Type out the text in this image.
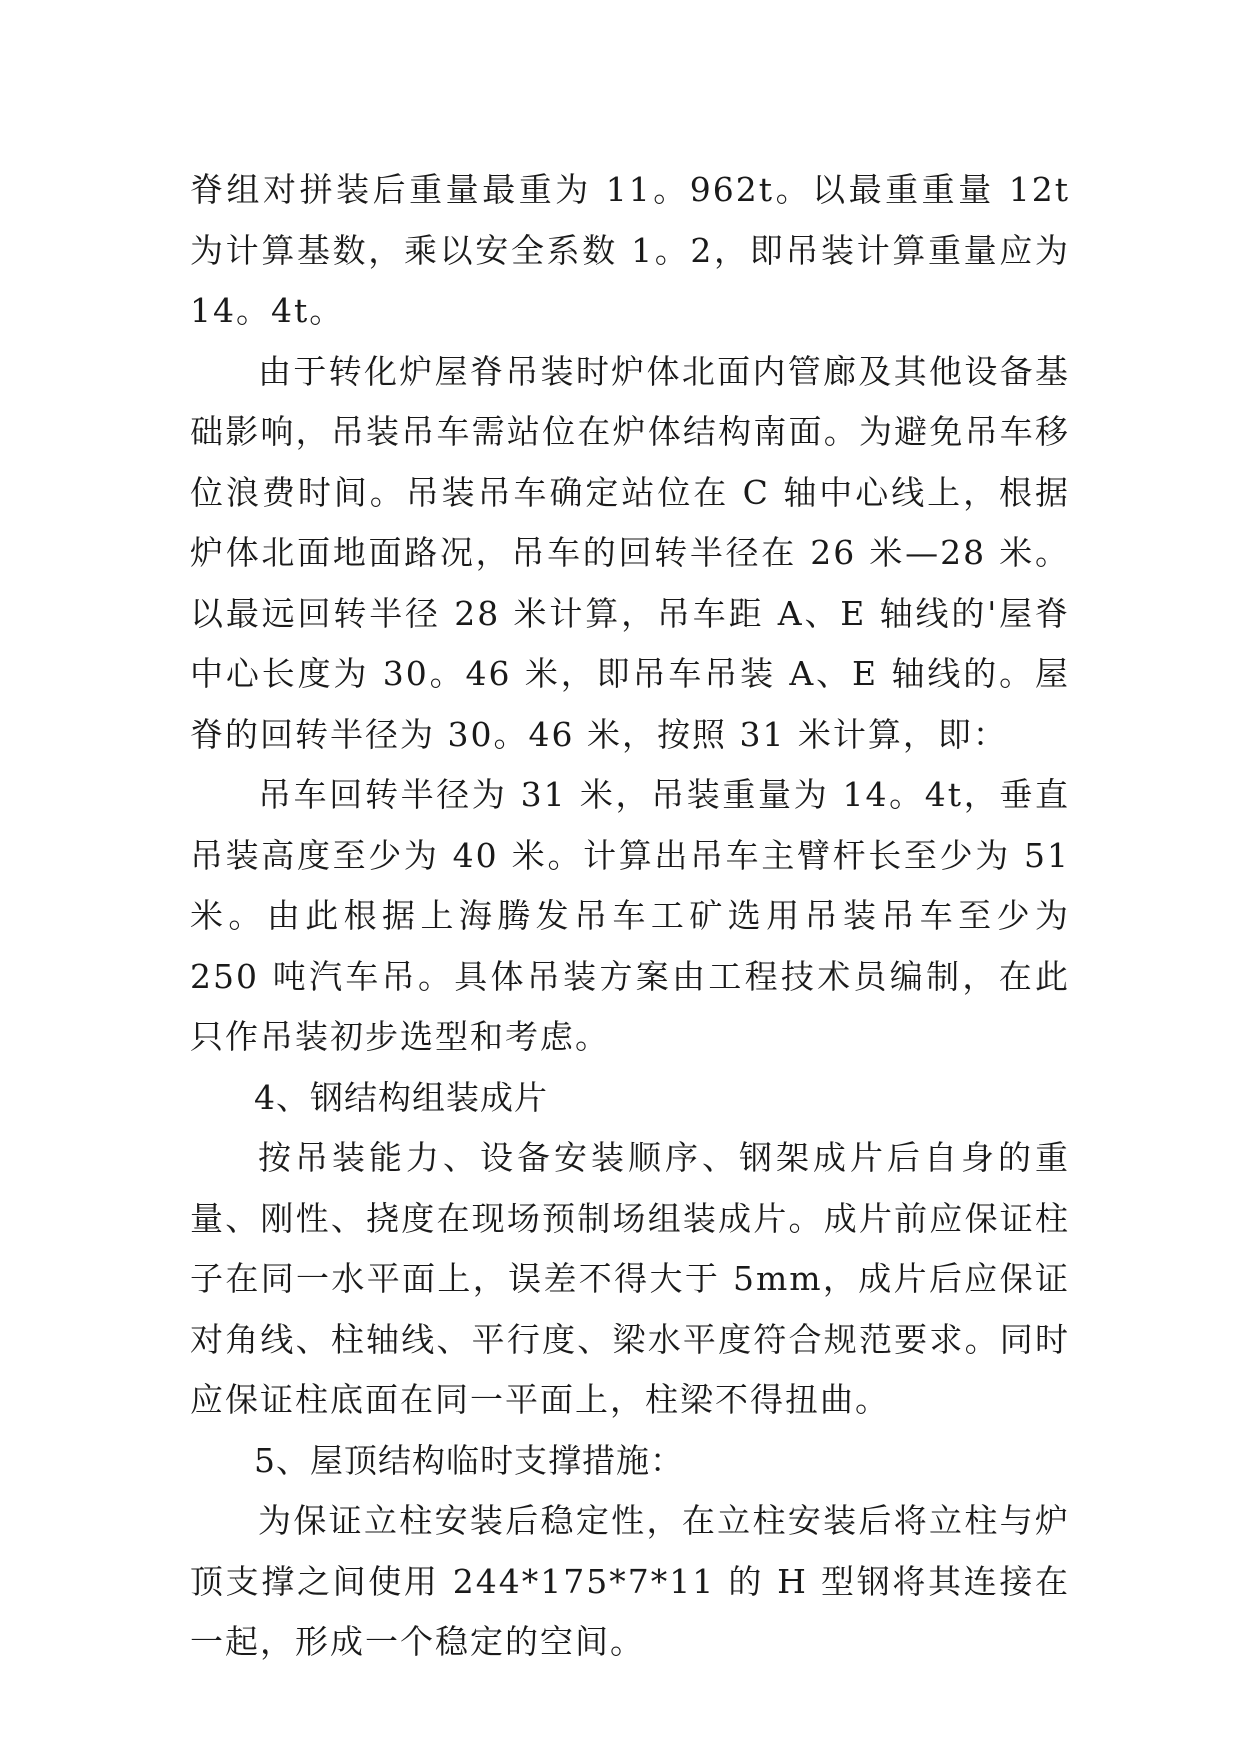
脊组对拼装后重量最重为 11。962t。以最重重量 12t 为计算基数，乘以安全系数 1。2，即吊装计算重量应为 14。4t。

由于转化炉屋脊吊装时炉体北面内管廊及其他设备基础影响，吊装吊车需站位在炉体结构南面。为避免吊车移位浪费时间。吊装吊车确定站位在 C 轴中心线上，根据炉体北面地面路况，吊车的回转半径在 26 米—28 米。以最远回转半径 28 米计算，吊车距 A、E 轴线的'屋脊中心长度为 30。46 米，即吊车吊装 A、E 轴线的。屋脊的回转半径为 30。46 米，按照 31 米计算，即：

吊车回转半径为 31 米，吊装重量为 14。4t，垂直吊装高度至少为 40 米。计算出吊车主臂杆长至少为 51 米。由此根据上海腾发吊车工矿选用吊装吊车至少为 250 吨汽车吊。具体吊装方案由工程技术员编制，在此只作吊装初步选型和考虑。

4、钢结构组装成片

按吊装能力、设备安装顺序、钢架成片后自身的重量、刚性、挠度在现场预制场组装成片。成片前应保证柱子在同一水平面上，误差不得大于 5mm，成片后应保证对角线、柱轴线、平行度、梁水平度符合规范要求。同时应保证柱底面在同一平面上，柱梁不得扭曲。

5、屋顶结构临时支撑措施：

为保证立柱安装后稳定性，在立柱安装后将立柱与炉顶支撑之间使用 244*175*7*11 的 H 型钢将其连接在一起，形成一个稳定的空间。
